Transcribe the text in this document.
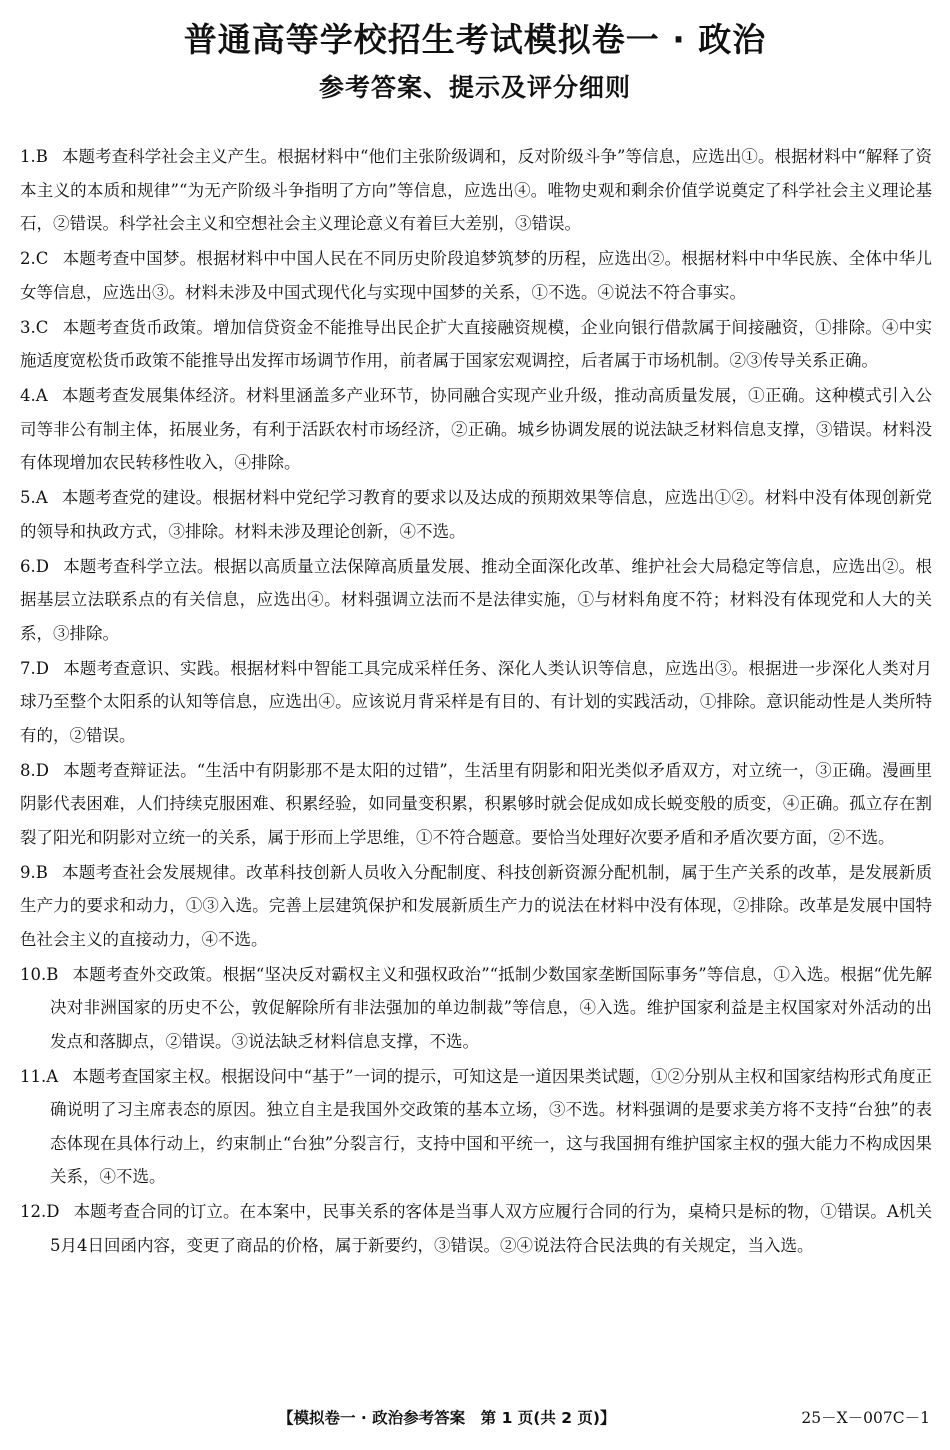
普通高等学校招生考试模拟卷一 · 政治
参考答案、提示及评分细则

1.B 本题考查科学社会主义产生。根据材料中“他们主张阶级调和，反对阶级斗争”等信息，应选出①。根据材料中“解释了资本主义的本质和规律”“为无产阶级斗争指明了方向”等信息，应选出④。唯物史观和剩余价值学说奠定了科学社会主义理论基石，②错误。科学社会主义和空想社会主义理论意义有着巨大差别，③错误。

2.C 本题考查中国梦。根据材料中中国人民在不同历史阶段追梦筑梦的历程，应选出②。根据材料中中华民族、全体中华儿女等信息，应选出③。材料未涉及中国式现代化与实现中国梦的关系，①不选。④说法不符合事实。

3.C 本题考查货币政策。增加信贷资金不能推导出民企扩大直接融资规模，企业向银行借款属于间接融资，①排除。④中实施适度宽松货币政策不能推导出发挥市场调节作用，前者属于国家宏观调控，后者属于市场机制。②③传导关系正确。

4.A 本题考查发展集体经济。材料里涵盖多产业环节，协同融合实现产业升级，推动高质量发展，①正确。这种模式引入公司等非公有制主体，拓展业务，有利于活跃农村市场经济，②正确。城乡协调发展的说法缺乏材料信息支撑，③错误。材料没有体现增加农民转移性收入，④排除。

5.A 本题考查党的建设。根据材料中党纪学习教育的要求以及达成的预期效果等信息，应选出①②。材料中没有体现创新党的领导和执政方式，③排除。材料未涉及理论创新，④不选。

6.D 本题考查科学立法。根据以高质量立法保障高质量发展、推动全面深化改革、维护社会大局稳定等信息，应选出②。根据基层立法联系点的有关信息，应选出④。材料强调立法而不是法律实施，①与材料角度不符；材料没有体现党和人大的关系，③排除。

7.D 本题考查意识、实践。根据材料中智能工具完成采样任务、深化人类认识等信息，应选出③。根据进一步深化人类对月球乃至整个太阳系的认知等信息，应选出④。应该说月背采样是有目的、有计划的实践活动，①排除。意识能动性是人类所特有的，②错误。

8.D 本题考查辩证法。“生活中有阴影那不是太阳的过错”，生活里有阴影和阳光类似矛盾双方，对立统一，③正确。漫画里阴影代表困难，人们持续克服困难、积累经验，如同量变积累，积累够时就会促成如成长蜕变般的质变，④正确。孤立存在割裂了阳光和阴影对立统一的关系，属于形而上学思维，①不符合题意。要恰当处理好次要矛盾和矛盾次要方面，②不选。

9.B 本题考查社会发展规律。改革科技创新人员收入分配制度、科技创新资源分配机制，属于生产关系的改革，是发展新质生产力的要求和动力，①③入选。完善上层建筑保护和发展新质生产力的说法在材料中没有体现，②排除。改革是发展中国特色社会主义的直接动力，④不选。

10.B 本题考查外交政策。根据“坚决反对霸权主义和强权政治”“抵制少数国家垄断国际事务”等信息，①入选。根据“优先解决对非洲国家的历史不公，敦促解除所有非法强加的单边制裁”等信息，④入选。维护国家利益是主权国家对外活动的出发点和落脚点，②错误。③说法缺乏材料信息支撑，不选。

11.A 本题考查国家主权。根据设问中“基于”一词的提示，可知这是一道因果类试题，①②分别从主权和国家结构形式角度正确说明了习主席表态的原因。独立自主是我国外交政策的基本立场，③不选。材料强调的是要求美方将不支持“台独”的表态体现在具体行动上，约束制止“台独”分裂言行，支持中国和平统一，这与我国拥有维护国家主权的强大能力不构成因果关系，④不选。

12.D 本题考查合同的订立。在本案中，民事关系的客体是当事人双方应履行合同的行为，桌椅只是标的物，①错误。A机关5月4日回函内容，变更了商品的价格，属于新要约，③错误。②④说法符合民法典的有关规定，当入选。

【模拟卷一 · 政治参考答案　第 1 页(共 2 页)】	25－X－007C－1
